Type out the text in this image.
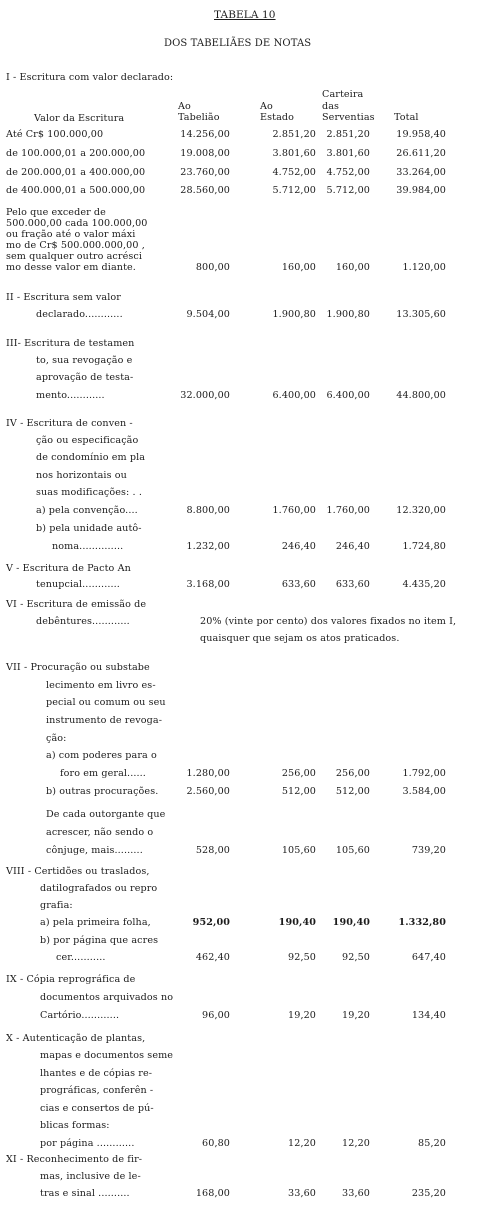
TABELA 10
DOS TABELIÃES DE NOTAS
I - Escritura com valor declarado:
Valor da Escritura
Ao
Tabelião
Ao
Estado
Carteira
das
Serventias Total
Até Cr$ 100.000,00	14.256,00	2.851,20 2.851,20	19.958,40
de 100.000,01 a 200.000,00	19.008,00	3.801,60 3.801,60	26.611,20
de 200.000,01 a 400.000,00	23.760,00	4.752,00 4.752,00	33.264,00
de 400.000,01 a 500.000,00	28.560,00	5.712,00 5.712,00	39.984,00
Pelo que exceder de
500.000,00 cada 100.000,00
ou fração até o valor máxi
mo de Cr$ 500.000.000,00 ,
sem qualquer outro acrésci
mo desse valor em diante.	800,00	160,00 160,00	1.120,00
II - Escritura sem valor
declarado............	9.504,00	1.900,80 1.900,80	13.305,60
III- Escritura de testamen
to, sua revogação e
aprovação de testa-
mento............	32.000,00	6.400,00 6.400,00	44.800,00
IV - Escritura de conven -
ção ou especificação
de condomínio em pla
nos horizontais ou
suas modificações: . .
a) pela convenção....	8.800,00	1.760,00 1.760,00	12.320,00
b) pela unidade autô-
noma..............	1.232,00	246,40 246,40	1.724,80
V - Escritura de Pacto An
tenupcial............	3.168,00	633,60 633,60	4.435,20
VI - Escritura de emissão de
debêntures............	20% (vinte por cento) dos valores fixados no item I,
quaisquer que sejam os atos praticados.
VII - Procuração ou substabe
lecimento em livro es-
pecial ou comum ou seu
instrumento de revoga-
ção:
a) com poderes para o
foro em geral......	1.280,00	256,00 256,00	1.792,00
b) outras procurações.	2.560,00	512,00 512,00	3.584,00
De cada outorgante que
acrescer, não sendo o
cônjuge, mais.........	528,00	105,60 105,60	739,20
VIII - Certidões ou traslados,
datilografados ou repro
grafia:
a) pela primeira folha,	952,00	190,40 190,40	1.332,80
b) por página que acres
cer...........	462,40	92,50	92,50	647,40
IX - Cópia reprográfica de
documentos arquivados no
Cartório............	96,00	19,20	19,20	134,40
X - Autenticação de plantas,
mapas e documentos seme
lhantes e de cópias re-
prográficas, conferên -
cias e consertos de pú-
blicas formas:
por página ............	60,80	12,20	12,20	85,20
XI - Reconhecimento de fir-
mas, inclusive de le-
tras e sinal ..........	168,00	33,60	33,60	235,20
